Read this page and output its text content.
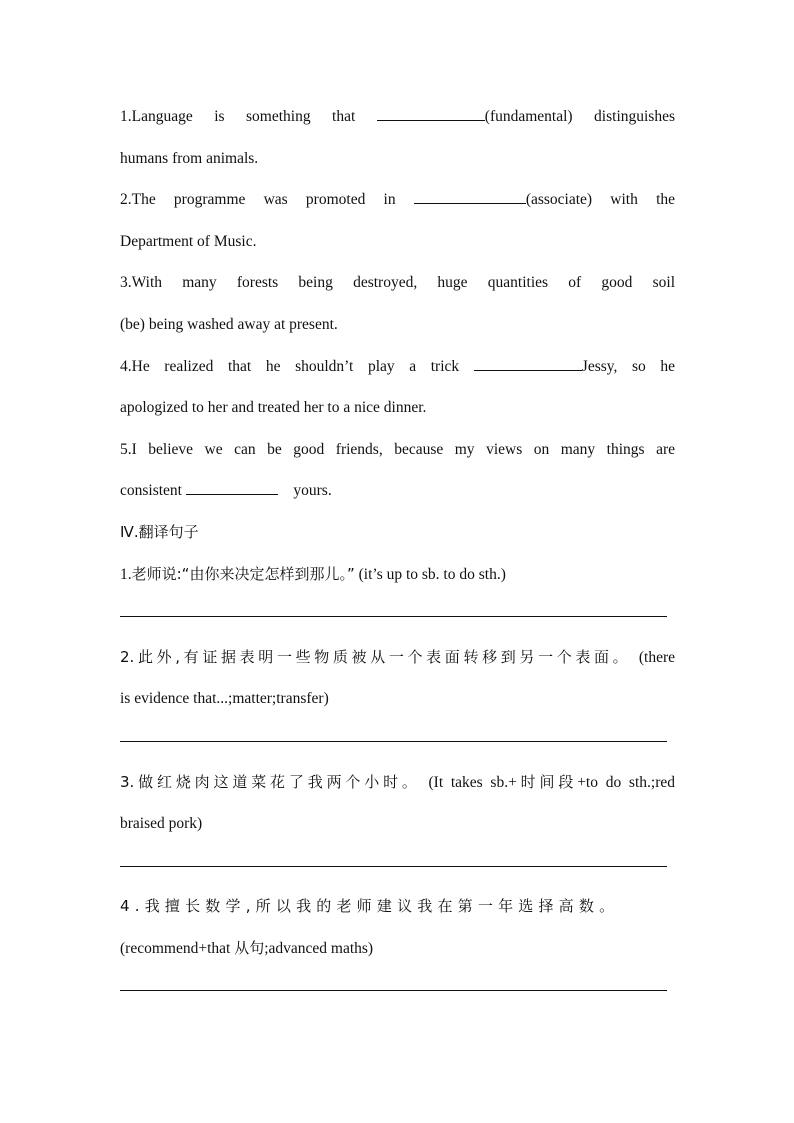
1.Language is something that	(fundamental) distinguishes
humans from animals.
2.The programme was promoted in	(associate) with the
Department of Music.
3.With many forests being destroyed, huge quantities of good soil
(be) being washed away at present.
4.He realized that he shouldn’t play a trick	Jessy, so he
apologized to her and treated her to a nice dinner.
5.I believe we can be good friends, because my views on many things are
consistent	yours.
Ⅳ.翻译句子
1.老师说:“由你来决定怎样到那儿。” (it’s up to sb. to do sth.)
2.此外,有证据表明一些物质被从一个表面转移到另一个表面。 (there
is evidence that...;matter;transfer)
3.做红烧肉这道菜花了我两个小时。 (It takes sb.+时间段+to do sth.;red
braised pork)
4.我擅长数学,所以我的老师建议我在第一年选择高数。
(recommend+that 从句;advanced maths)
